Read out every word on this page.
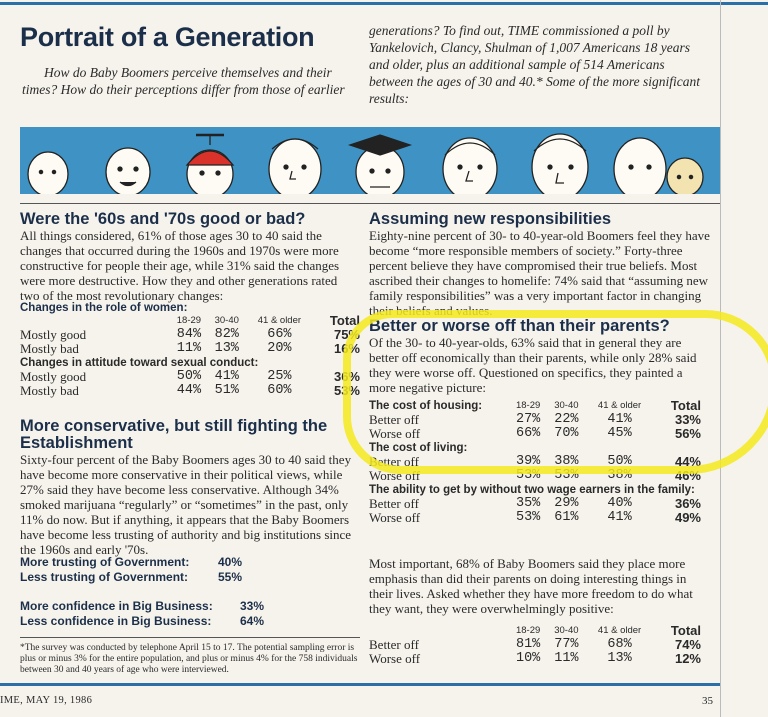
Portrait of a Generation
How do Baby Boomers perceive themselves and their times? How do their perceptions differ from those of earlier
generations? To find out, TIME commissioned a poll by Yankelovich, Clancy, Shulman of 1,007 Americans 18 years and older, plus an additional sample of 514 Americans between the ages of 30 and 40.* Some of the more significant results:
Were the '60s and '70s good or bad?
All things considered, 61% of those ages 30 to 40 said the changes that occurred during the 1960s and 1970s were more constructive for people their age, while 31% said the changes were more destructive. How they and other generations rated two of the most revolutionary changes:
Changes in the role of women:
	18-29	30-40	41 & older	Total
Mostly good	84%	82%	66%	75%
Mostly bad	11%	13%	20%	16%
Changes in attitude toward sexual conduct:				
Mostly good	50%	41%	25%	36%
Mostly bad	44%	51%	60%	53%
More conservative, but still fighting the Establishment
Sixty-four percent of the Baby Boomers ages 30 to 40 said they have become more conservative in their political views, while 27% said they have become less conservative. Although 34% smoked marijuana “regularly” or “sometimes” in the past, only 11% do now. But if anything, it appears that the Baby Boomers have become less trusting of authority and big institutions since the 1960s and early '70s.
More trusting of Government: 40%
Less trusting of Government: 55%
More confidence in Big Business: 33%
Less confidence in Big Business: 64%
*The survey was conducted by telephone April 15 to 17. The potential sampling error is plus or minus 3% for the entire population, and plus or minus 4% for the 758 individuals between 30 and 40 years of age who were interviewed.
Assuming new responsibilities
Eighty-nine percent of 30- to 40-year-old Boomers feel they have become “more responsible members of society.” Forty-three percent believe they have compromised their true beliefs. Most ascribed their changes to homelife: 74% said that “assuming new family responsibilities” was a very important factor in changing their beliefs and values.
Better or worse off than their parents?
Of the 30- to 40-year-olds, 63% said that in general they are better off economically than their parents, while only 28% said they were worse off. Questioned on specifics, they painted a more negative picture:
The cost of housing:	18-29	30-40	41 & older	Total
Better off	27%	22%	41%	33%
Worse off	66%	70%	45%	56%
The cost of living:				
Better off	39%	38%	50%	44%
Worse off	53%	53%	38%	46%
The ability to get by without two wage earners in the family:				
Better off	35%	29%	40%	36%
Worse off	53%	61%	41%	49%
Most important, 68% of Baby Boomers said they place more emphasis than did their parents on doing interesting things in their lives. Asked whether they have more freedom to do what they want, they were overwhelmingly positive:
	18-29	30-40	41 & older	Total
Better off	81%	77%	68%	74%
Worse off	10%	11%	13%	12%
IME, MAY 19, 1986	35
